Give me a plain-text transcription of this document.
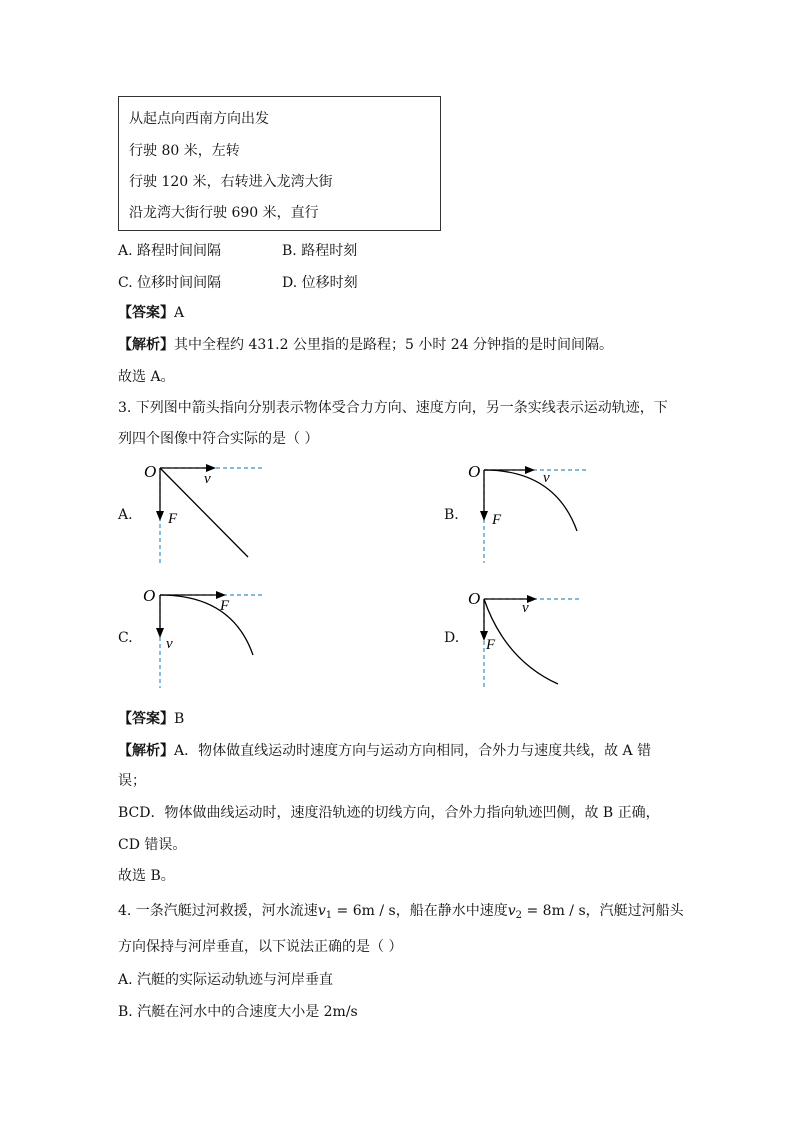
从起点向西南方向出发
行驶 80 米，左转
行驶 120 米，右转进入龙湾大街
沿龙湾大街行驶 690 米，直行
A. 路程时间间隔	B. 路程时刻
C. 位移时间间隔	D. 位移时刻
【答案】A
【解析】其中全程约 431.2 公里指的是路程；5 小时 24 分钟指的是时间间隔。
故选 A。
3. 下列图中箭头指向分别表示物体受合力方向、速度方向，另一条实线表示运动轨迹，下
列四个图像中符合实际的是（ ）
A.
O	v
F	B.
O	v
F
C.
O
F
v	D.
O	v
F
【答案】B
【解析】A．物体做直线运动时速度方向与运动方向相同，合外力与速度共线，故 A 错
误；
BCD．物体做曲线运动时，速度沿轨迹的切线方向，合外力指向轨迹凹侧，故 B 正确，
CD 错误。
故选 B。
4. 一条汽艇过河救援，河水流速$v_1 = 6m / s$，船在静水中速度$v_2 = 8m / s$，汽艇过河船头
方向保持与河岸垂直，以下说法正确的是（ ）
A. 汽艇的实际运动轨迹与河岸垂直
B. 汽艇在河水中的合速度大小是 2m/s
